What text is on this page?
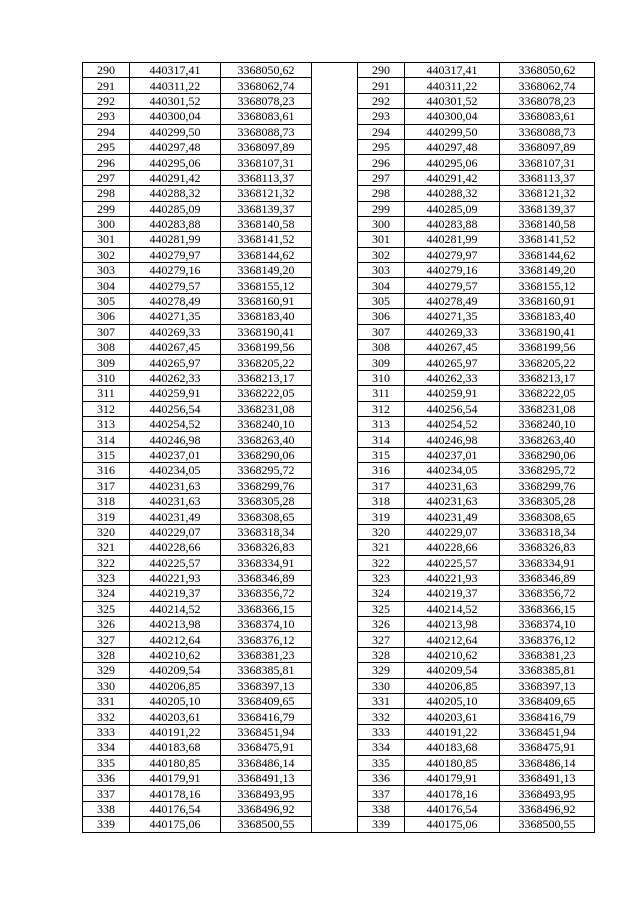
290	440317,41	3368050,62		290	440317,41	3368050,62
291	440311,22	3368062,74		291	440311,22	3368062,74
292	440301,52	3368078,23		292	440301,52	3368078,23
293	440300,04	3368083,61		293	440300,04	3368083,61
294	440299,50	3368088,73		294	440299,50	3368088,73
295	440297,48	3368097,89		295	440297,48	3368097,89
296	440295,06	3368107,31		296	440295,06	3368107,31
297	440291,42	3368113,37		297	440291,42	3368113,37
298	440288,32	3368121,32		298	440288,32	3368121,32
299	440285,09	3368139,37		299	440285,09	3368139,37
300	440283,88	3368140,58		300	440283,88	3368140,58
301	440281,99	3368141,52		301	440281,99	3368141,52
302	440279,97	3368144,62		302	440279,97	3368144,62
303	440279,16	3368149,20		303	440279,16	3368149,20
304	440279,57	3368155,12		304	440279,57	3368155,12
305	440278,49	3368160,91		305	440278,49	3368160,91
306	440271,35	3368183,40		306	440271,35	3368183,40
307	440269,33	3368190,41		307	440269,33	3368190,41
308	440267,45	3368199,56		308	440267,45	3368199,56
309	440265,97	3368205,22		309	440265,97	3368205,22
310	440262,33	3368213,17		310	440262,33	3368213,17
311	440259,91	3368222,05		311	440259,91	3368222,05
312	440256,54	3368231,08		312	440256,54	3368231,08
313	440254,52	3368240,10		313	440254,52	3368240,10
314	440246,98	3368263,40		314	440246,98	3368263,40
315	440237,01	3368290,06		315	440237,01	3368290,06
316	440234,05	3368295,72		316	440234,05	3368295,72
317	440231,63	3368299,76		317	440231,63	3368299,76
318	440231,63	3368305,28		318	440231,63	3368305,28
319	440231,49	3368308,65		319	440231,49	3368308,65
320	440229,07	3368318,34		320	440229,07	3368318,34
321	440228,66	3368326,83		321	440228,66	3368326,83
322	440225,57	3368334,91		322	440225,57	3368334,91
323	440221,93	3368346,89		323	440221,93	3368346,89
324	440219,37	3368356,72		324	440219,37	3368356,72
325	440214,52	3368366,15		325	440214,52	3368366,15
326	440213,98	3368374,10		326	440213,98	3368374,10
327	440212,64	3368376,12		327	440212,64	3368376,12
328	440210,62	3368381,23		328	440210,62	3368381,23
329	440209,54	3368385,81		329	440209,54	3368385,81
330	440206,85	3368397,13		330	440206,85	3368397,13
331	440205,10	3368409,65		331	440205,10	3368409,65
332	440203,61	3368416,79		332	440203,61	3368416,79
333	440191,22	3368451,94		333	440191,22	3368451,94
334	440183,68	3368475,91		334	440183,68	3368475,91
335	440180,85	3368486,14		335	440180,85	3368486,14
336	440179,91	3368491,13		336	440179,91	3368491,13
337	440178,16	3368493,95		337	440178,16	3368493,95
338	440176,54	3368496,92		338	440176,54	3368496,92
339	440175,06	3368500,55		339	440175,06	3368500,55
